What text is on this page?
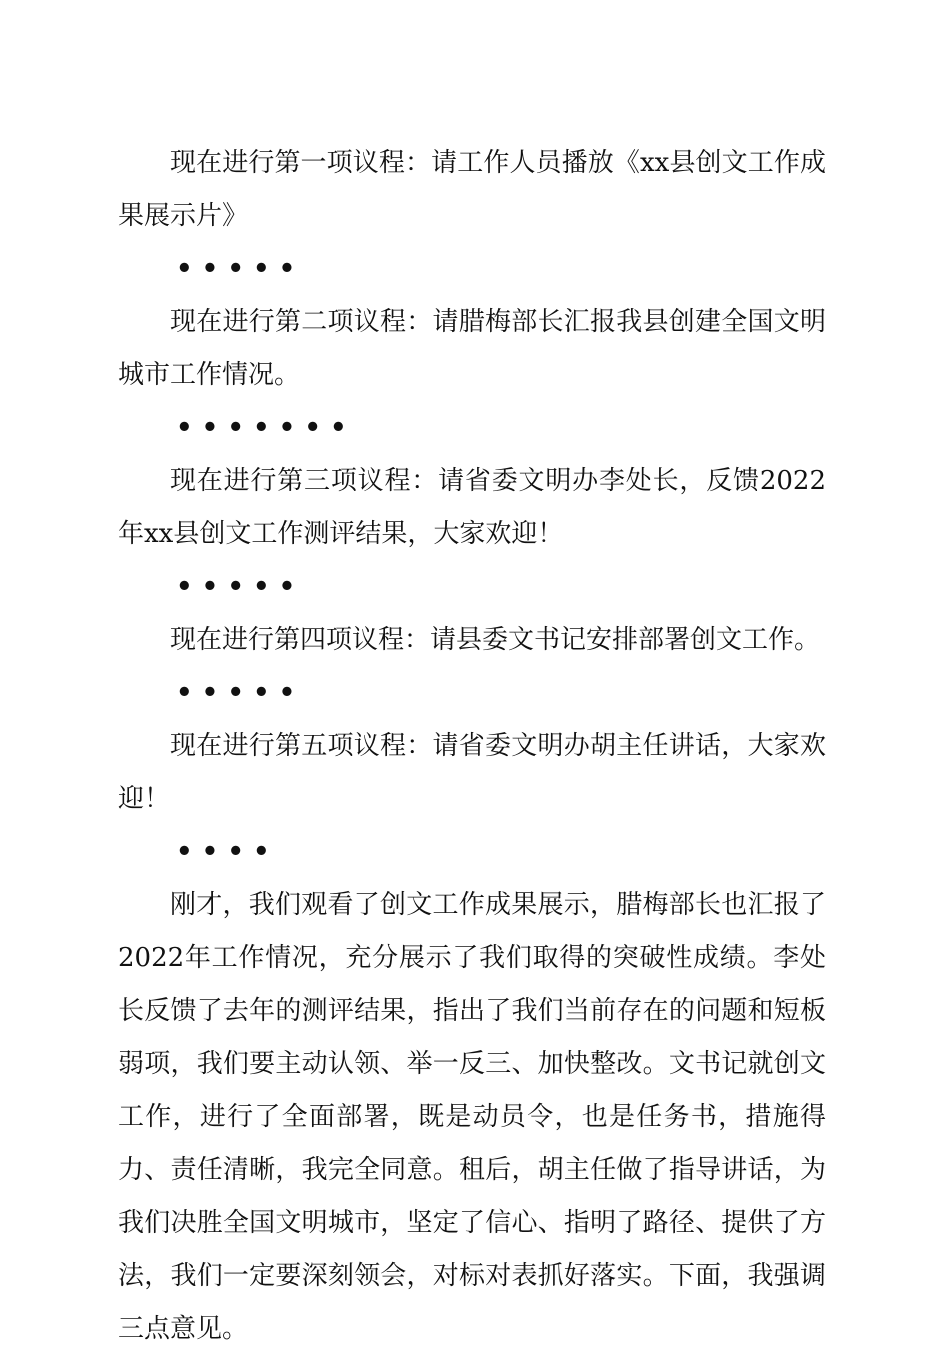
现在进行第一项议程：请工作人员播放《xx县创文工作成果展示片》

• • • • •

现在进行第二项议程：请腊梅部长汇报我县创建全国文明城市工作情况。

• • • • • • •

现在进行第三项议程：请省委文明办李处长，反馈2022年xx县创文工作测评结果，大家欢迎！

• • • • •

现在进行第四项议程：请县委文书记安排部署创文工作。

• • • • •

现在进行第五项议程：请省委文明办胡主任讲话，大家欢迎！

• • • •

刚才，我们观看了创文工作成果展示，腊梅部长也汇报了2022年工作情况，充分展示了我们取得的突破性成绩。李处长反馈了去年的测评结果，指出了我们当前存在的问题和短板弱项，我们要主动认领、举一反三、加快整改。文书记就创文工作，进行了全面部署，既是动员令，也是任务书，措施得力、责任清晰，我完全同意。租后，胡主任做了指导讲话，为我们决胜全国文明城市，坚定了信心、指明了路径、提供了方法，我们一定要深刻领会，对标对表抓好落实。下面，我强调三点意见。
